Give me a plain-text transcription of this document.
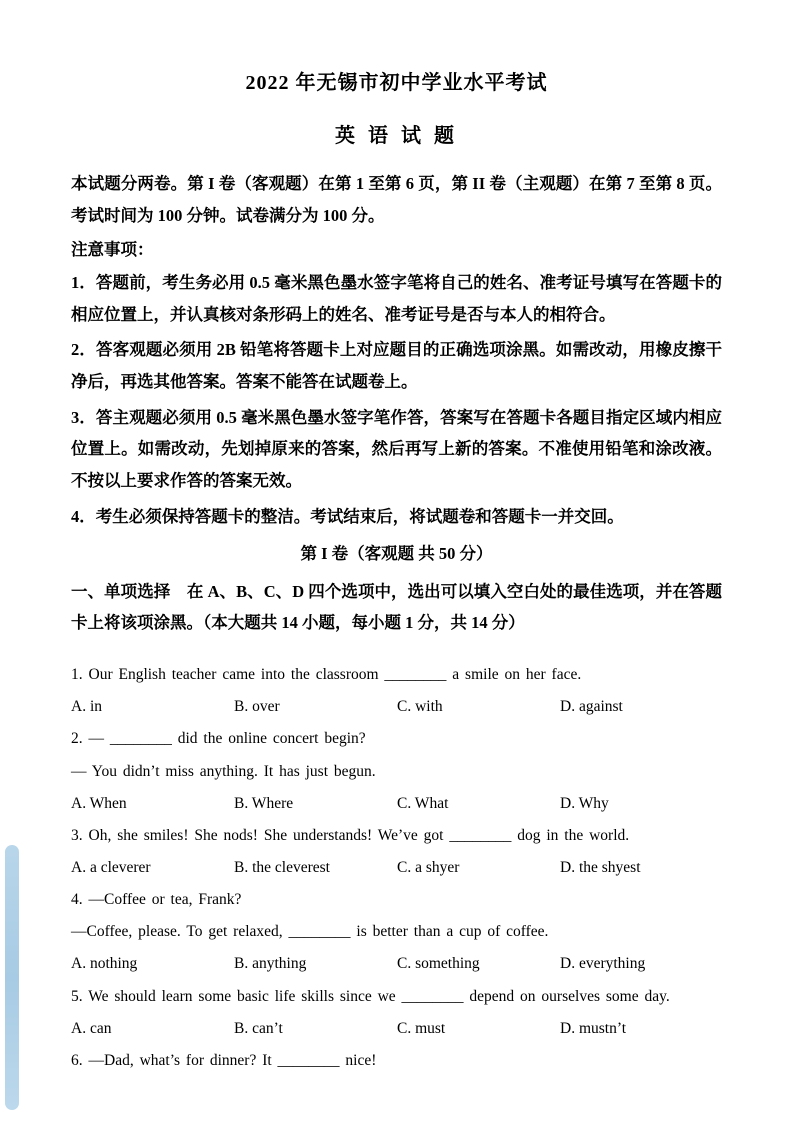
2022 年无锡市初中学业水平考试
英 语 试 题

本试题分两卷。第 I 卷（客观题）在第 1 至第 6 页，第 II 卷（主观题）在第 7 至第 8 页。考试时间为 100 分钟。试卷满分为 100 分。

注意事项：

1．答题前，考生务必用 0.5 毫米黑色墨水签字笔将自己的姓名、准考证号填写在答题卡的相应位置上，并认真核对条形码上的姓名、准考证号是否与本人的相符合。

2．答客观题必须用 2B 铅笔将答题卡上对应题目的正确选项涂黑。如需改动，用橡皮擦干净后，再选其他答案。答案不能答在试题卷上。

3．答主观题必须用 0.5 毫米黑色墨水签字笔作答，答案写在答题卡各题目指定区域内相应位置上。如需改动，先划掉原来的答案，然后再写上新的答案。不准使用铅笔和涂改液。不按以上要求作答的答案无效。

4．考生必须保持答题卡的整洁。考试结束后，将试题卷和答题卡一并交回。

第 I 卷（客观题 共 50 分）

一、单项选择　在 A、B、C、D 四个选项中，选出可以填入空白处的最佳选项，并在答题卡上将该项涂黑。（本大题共 14 小题，每小题 1 分，共 14 分）

1. Our English teacher came into the classroom ________ a smile on her face.

A. in	B. over	C. with	D. against

2. — ________ did the online concert begin?

— You didn’t miss anything. It has just begun.

A. When	B. Where	C. What	D. Why

3. Oh, she smiles! She nods! She understands! We’ve got ________ dog in the world.

A. a cleverer	B. the cleverest	C. a shyer	D. the shyest

4. —Coffee or tea, Frank?

—Coffee, please. To get relaxed, ________ is better than a cup of coffee.

A. nothing	B. anything	C. something	D. everything

5. We should learn some basic life skills since we ________ depend on ourselves some day.

A. can	B. can’t	C. must	D. mustn’t

6. —Dad, what’s for dinner? It ________ nice!
